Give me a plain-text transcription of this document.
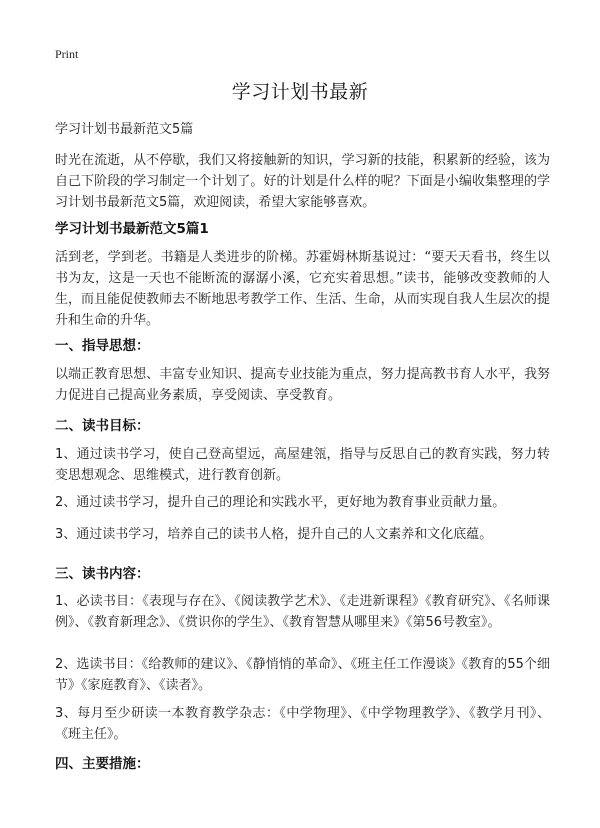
Print
学习计划书最新
学习计划书最新范文5篇
时光在流逝，从不停歇，我们又将接触新的知识，学习新的技能，积累新的经验，该为自己下阶段的学习制定一个计划了。好的计划是什么样的呢？下面是小编收集整理的学习计划书最新范文5篇，欢迎阅读，希望大家能够喜欢。
学习计划书最新范文5篇1
活到老，学到老。书籍是人类进步的阶梯。苏霍姆林斯基说过：“要天天看书，终生以书为友，这是一天也不能断流的潺潺小溪，它充实着思想。”读书，能够改变教师的人生，而且能促使教师去不断地思考教学工作、生活、生命，从而实现自我人生层次的提升和生命的升华。
一、指导思想：
以端正教育思想、丰富专业知识、提高专业技能为重点，努力提高教书育人水平，我努力促进自己提高业务素质，享受阅读、享受教育。
二、读书目标：
1、通过读书学习，使自己登高望远，高屋建瓴，指导与反思自己的教育实践，努力转变思想观念、思维模式，进行教育创新。
2、通过读书学习，提升自己的理论和实践水平，更好地为教育事业贡献力量。
3、通过读书学习，培养自己的读书人格，提升自己的人文素养和文化底蕴。
三、读书内容：
1、必读书目：《表现与存在》、《阅读教学艺术》、《走进新课程》《教育研究》、《名师课例》、《教育新理念》、《赏识你的学生》、《教育智慧从哪里来》《第56号教室》。
2、选读书目：《给教师的建议》、《静悄悄的革命》、《班主任工作漫谈》《教育的55个细节》《家庭教育》、《读者》。
3、每月至少研读一本教育教学杂志：《中学物理》、《中学物理教学》、《教学月刊》、《班主任》。
四、主要措施：
